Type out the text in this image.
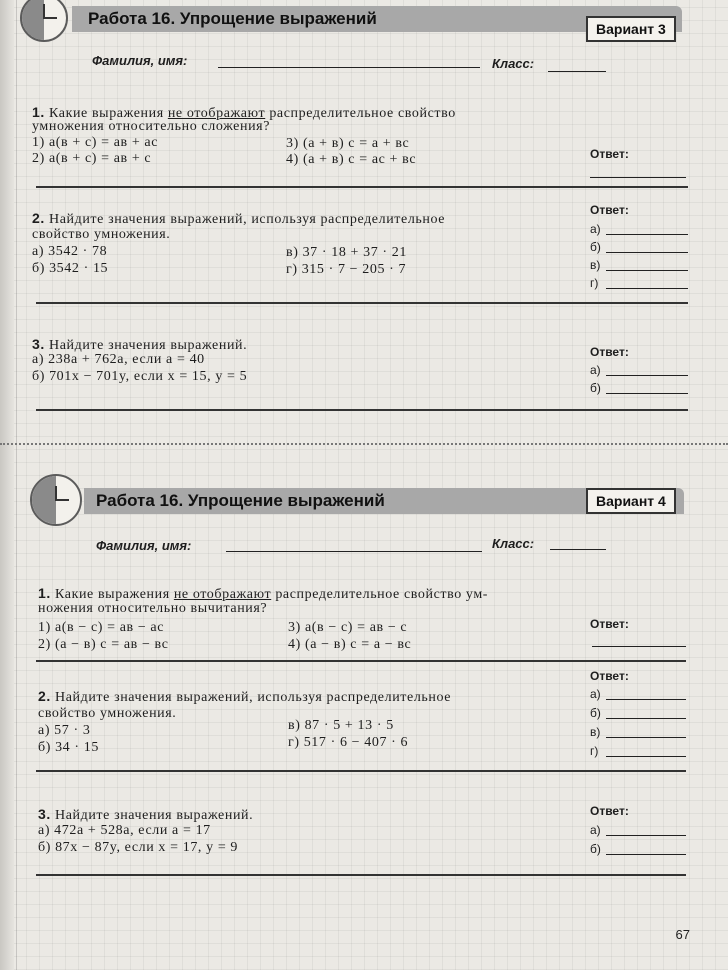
Работа 16. Упрощение выражений
Вариант 3
Фамилия, имя:	Класс:
1. Какие выражения не отображают распределительное свойство
умножения относительно сложения?
1) a(в + c) = aв + ac
2) a(в + c) = aв + c
3) (a + в) c = a + вc
4) (a + в) c = ac + вc	Ответ:
2. Найдите значения выражений, используя распределительное
свойство умножения.
а) 3542 · 78
б) 3542 · 15
в) 37 · 18 + 37 · 21
г) 315 · 7 − 205 · 7
Ответ:
а)
б)
в)
г)
3. Найдите значения выражений.
а) 238a + 762a, если a = 40
б) 701x − 701y, если x = 15, y = 5
Ответ:
а)
б)
Работа 16. Упрощение выражений	Вариант 4
Фамилия, имя:	Класс:
1. Какие выражения не отображают распределительное свойство ум-
ножения относительно вычитания?
1) a(в − c) = aв − ac
2) (a − в) c = aв − вc
3) a(в − c) = aв − c
4) (a − в) c = a − вc
Ответ:
2. Найдите значения выражений, используя распределительное
свойство умножения.
а) 57 · 3
б) 34 · 15
в) 87 · 5 + 13 · 5
г) 517 · 6 − 407 · 6
Ответ:
а)
б)
в)
г)
3. Найдите значения выражений.
а) 472a + 528a, если a = 17
б) 87x − 87y, если x = 17, y = 9
Ответ:
а)
б)
67
